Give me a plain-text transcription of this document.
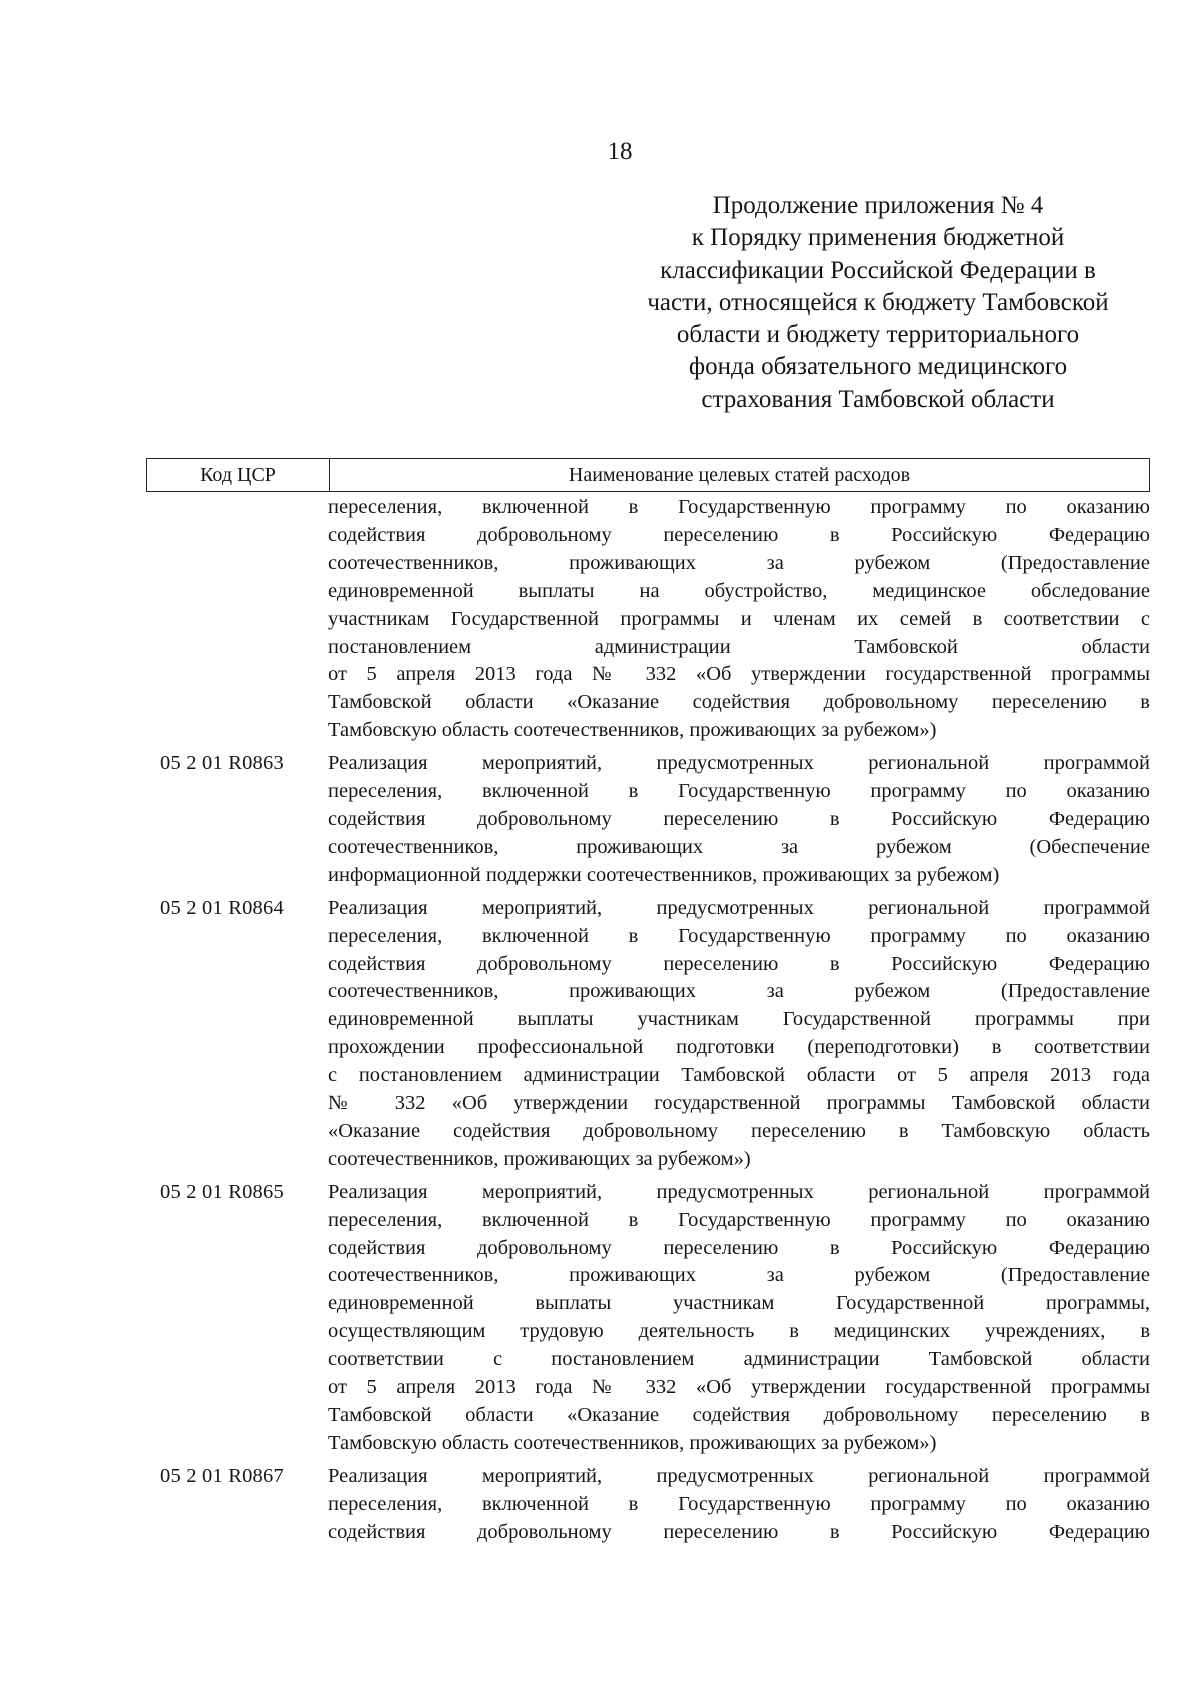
18
Продолжение приложения № 4
к Порядку применения бюджетной
классификации Российской Федерации в
части, относящейся к бюджету Тамбовской
области и бюджету территориального
фонда обязательного медицинского
страхования Тамбовской области
Код ЦСР	Наименование целевых статей расходов
переселения, включенной в Государственную программу по оказанию
содействия добровольному переселению в Российскую Федерацию
соотечественников, проживающих за рубежом (Предоставление
единовременной выплаты на обустройство, медицинское обследование
участникам Государственной программы и членам их семей в соответствии с
постановлением администрации Тамбовской области
от 5 апреля 2013 года № 332 «Об утверждении государственной программы
Тамбовской области «Оказание содействия добровольному переселению в
Тамбовскую область соотечественников, проживающих за рубежом»)
05 2 01 R0863	Реализация мероприятий, предусмотренных региональной программой
переселения, включенной в Государственную программу по оказанию
содействия добровольному переселению в Российскую Федерацию
соотечественников, проживающих за рубежом (Обеспечение
информационной поддержки соотечественников, проживающих за рубежом)
05 2 01 R0864	Реализация мероприятий, предусмотренных региональной программой
переселения, включенной в Государственную программу по оказанию
содействия добровольному переселению в Российскую Федерацию
соотечественников, проживающих за рубежом (Предоставление
единовременной выплаты участникам Государственной программы при
прохождении профессиональной подготовки (переподготовки) в соответствии
с постановлением администрации Тамбовской области от 5 апреля 2013 года
№ 332 «Об утверждении государственной программы Тамбовской области
«Оказание содействия добровольному переселению в Тамбовскую область
соотечественников, проживающих за рубежом»)
05 2 01 R0865	Реализация мероприятий, предусмотренных региональной программой
переселения, включенной в Государственную программу по оказанию
содействия добровольному переселению в Российскую Федерацию
соотечественников, проживающих за рубежом (Предоставление
единовременной выплаты участникам Государственной программы,
осуществляющим трудовую деятельность в медицинских учреждениях, в
соответствии с постановлением администрации Тамбовской области
от 5 апреля 2013 года № 332 «Об утверждении государственной программы
Тамбовской области «Оказание содействия добровольному переселению в
Тамбовскую область соотечественников, проживающих за рубежом»)
05 2 01 R0867	Реализация мероприятий, предусмотренных региональной программой
переселения, включенной в Государственную программу по оказанию
содействия добровольному переселению в Российскую Федерацию
